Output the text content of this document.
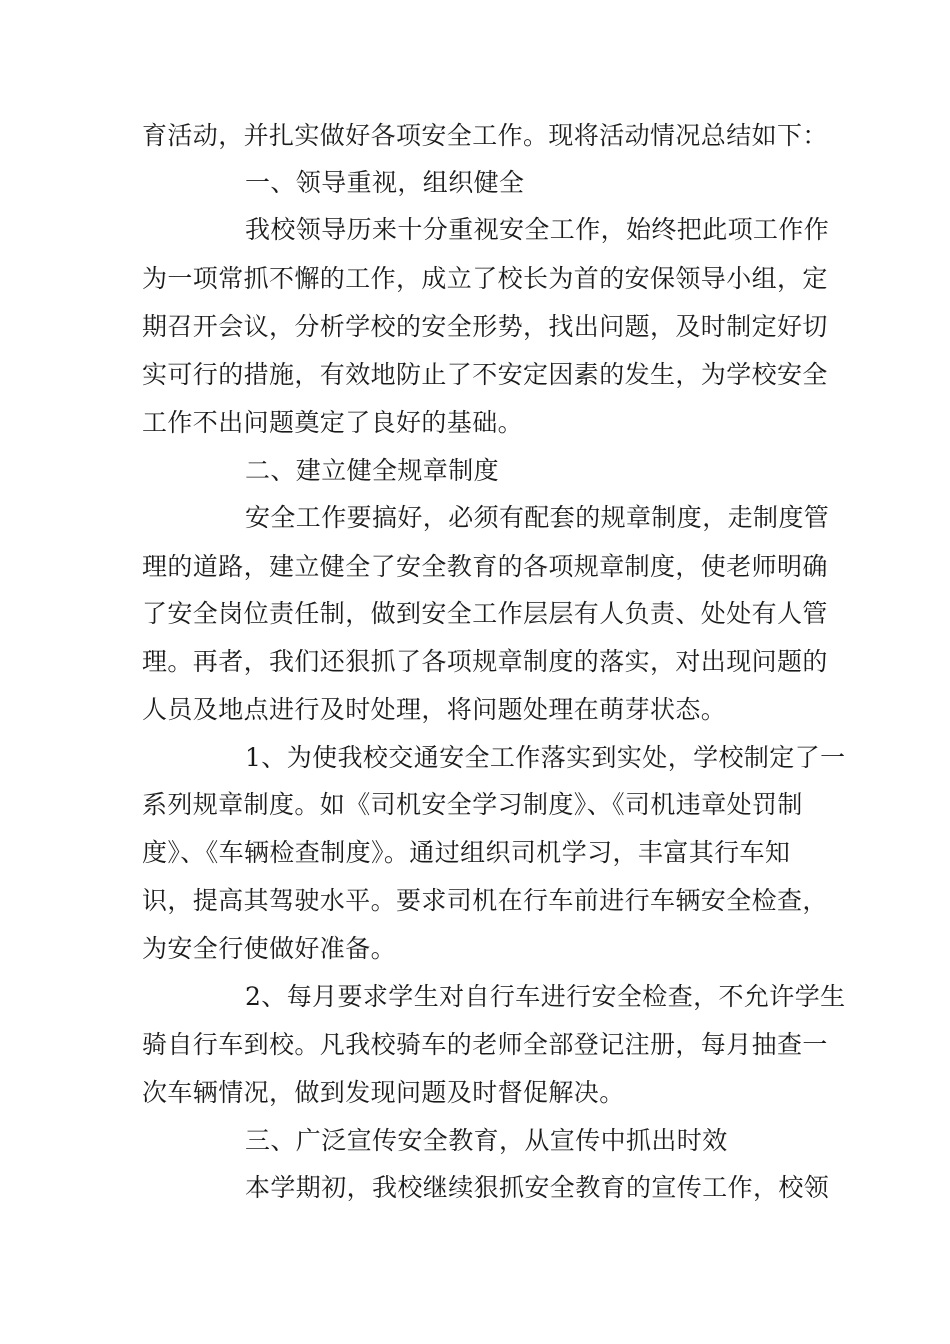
育活动，并扎实做好各项安全工作。现将活动情况总结如下：
一、领导重视，组织健全
我校领导历来十分重视安全工作，始终把此项工作作
为一项常抓不懈的工作，成立了校长为首的安保领导小组，定
期召开会议，分析学校的安全形势，找出问题，及时制定好切
实可行的措施，有效地防止了不安定因素的发生，为学校安全
工作不出问题奠定了良好的基础。
二、建立健全规章制度
安全工作要搞好，必须有配套的规章制度，走制度管
理的道路，建立健全了安全教育的各项规章制度，使老师明确
了安全岗位责任制，做到安全工作层层有人负责、处处有人管
理。再者，我们还狠抓了各项规章制度的落实，对出现问题的
人员及地点进行及时处理，将问题处理在萌芽状态。
1、为使我校交通安全工作落实到实处，学校制定了一
系列规章制度。如《司机安全学习制度》、《司机违章处罚制
度》、《车辆检查制度》。通过组织司机学习，丰富其行车知
识，提高其驾驶水平。要求司机在行车前进行车辆安全检查，
为安全行使做好准备。
2、每月要求学生对自行车进行安全检查，不允许学生
骑自行车到校。凡我校骑车的老师全部登记注册，每月抽查一
次车辆情况，做到发现问题及时督促解决。
三、广泛宣传安全教育，从宣传中抓出时效
本学期初，我校继续狠抓安全教育的宣传工作，校领
